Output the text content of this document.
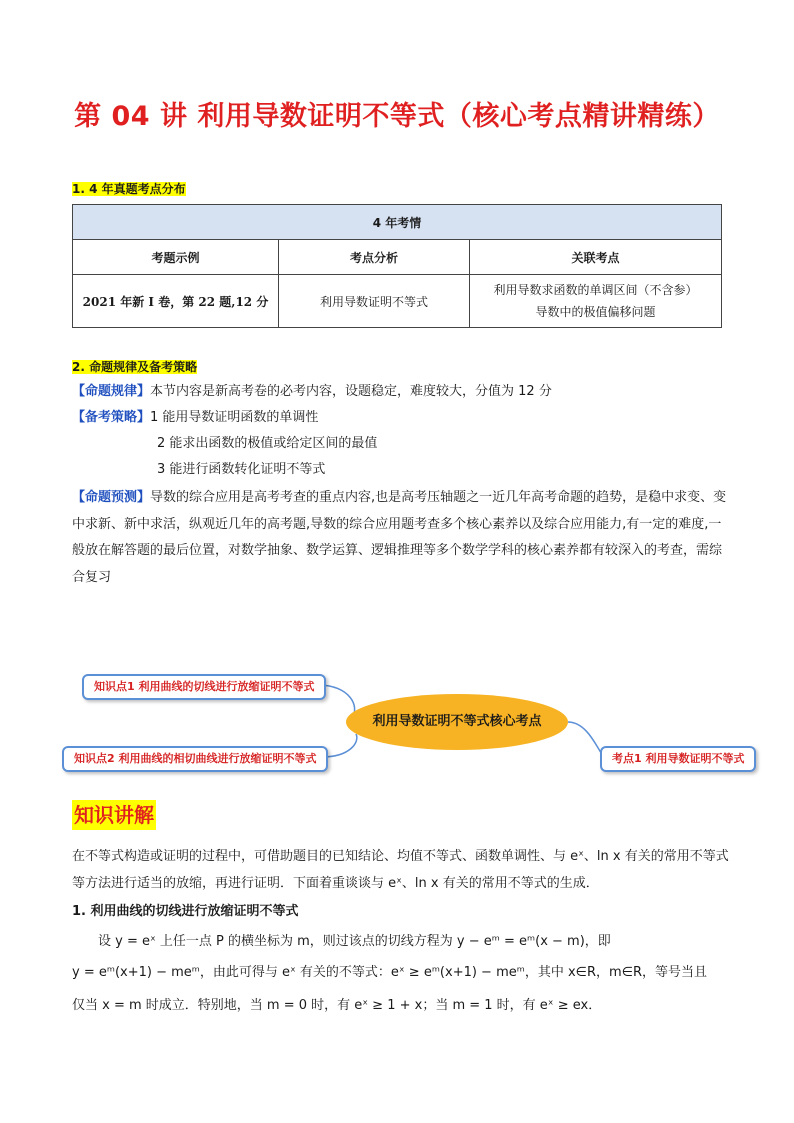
第 04 讲 利用导数证明不等式（核心考点精讲精练）
1. 4 年真题考点分布
4 年考情		
考题示例	考点分析	关联考点
2021 年新 I 卷，第 22 题,12 分	利用导数证明不等式	利用导数求函数的单调区间（不含参）
导数中的极值偏移问题
2. 命题规律及备考策略
【命题规律】本节内容是新高考卷的必考内容，设题稳定，难度较大，分值为 12 分
【备考策略】1 能用导数证明函数的单调性
2 能求出函数的极值或给定区间的最值
3 能进行函数转化证明不等式
【命题预测】导数的综合应用是高考考查的重点内容,也是高考压轴题之一近几年高考命题的趋势，是稳中求变、变中求新、新中求活，纵观近几年的高考题,导数的综合应用题考查多个核心素养以及综合应用能力,有一定的难度,一般放在解答题的最后位置，对数学抽象、数学运算、逻辑推理等多个数学学科的核心素养都有较深入的考查，需综合复习
知识点1 利用曲线的切线进行放缩证明不等式
知识点2 利用曲线的相切曲线进行放缩证明不等式
利用导数证明不等式核心考点
考点1 利用导数证明不等式
知识讲解
在不等式构造或证明的过程中，可借助题目的已知结论、均值不等式、函数单调性、与 eˣ、ln x 有关的常用不等式等方法进行适当的放缩，再进行证明．下面着重谈谈与 eˣ、ln x 有关的常用不等式的生成．
1. 利用曲线的切线进行放缩证明不等式
设 y = eˣ 上任一点 P 的横坐标为 m，则过该点的切线方程为 y − eᵐ = eᵐ(x − m)，即
y = eᵐ(x+1) − meᵐ，由此可得与 eˣ 有关的不等式：eˣ ≥ eᵐ(x+1) − meᵐ，其中 x∈R，m∈R，等号当且
仅当 x = m 时成立．特别地，当 m = 0 时，有 eˣ ≥ 1 + x；当 m = 1 时，有 eˣ ≥ ex．
